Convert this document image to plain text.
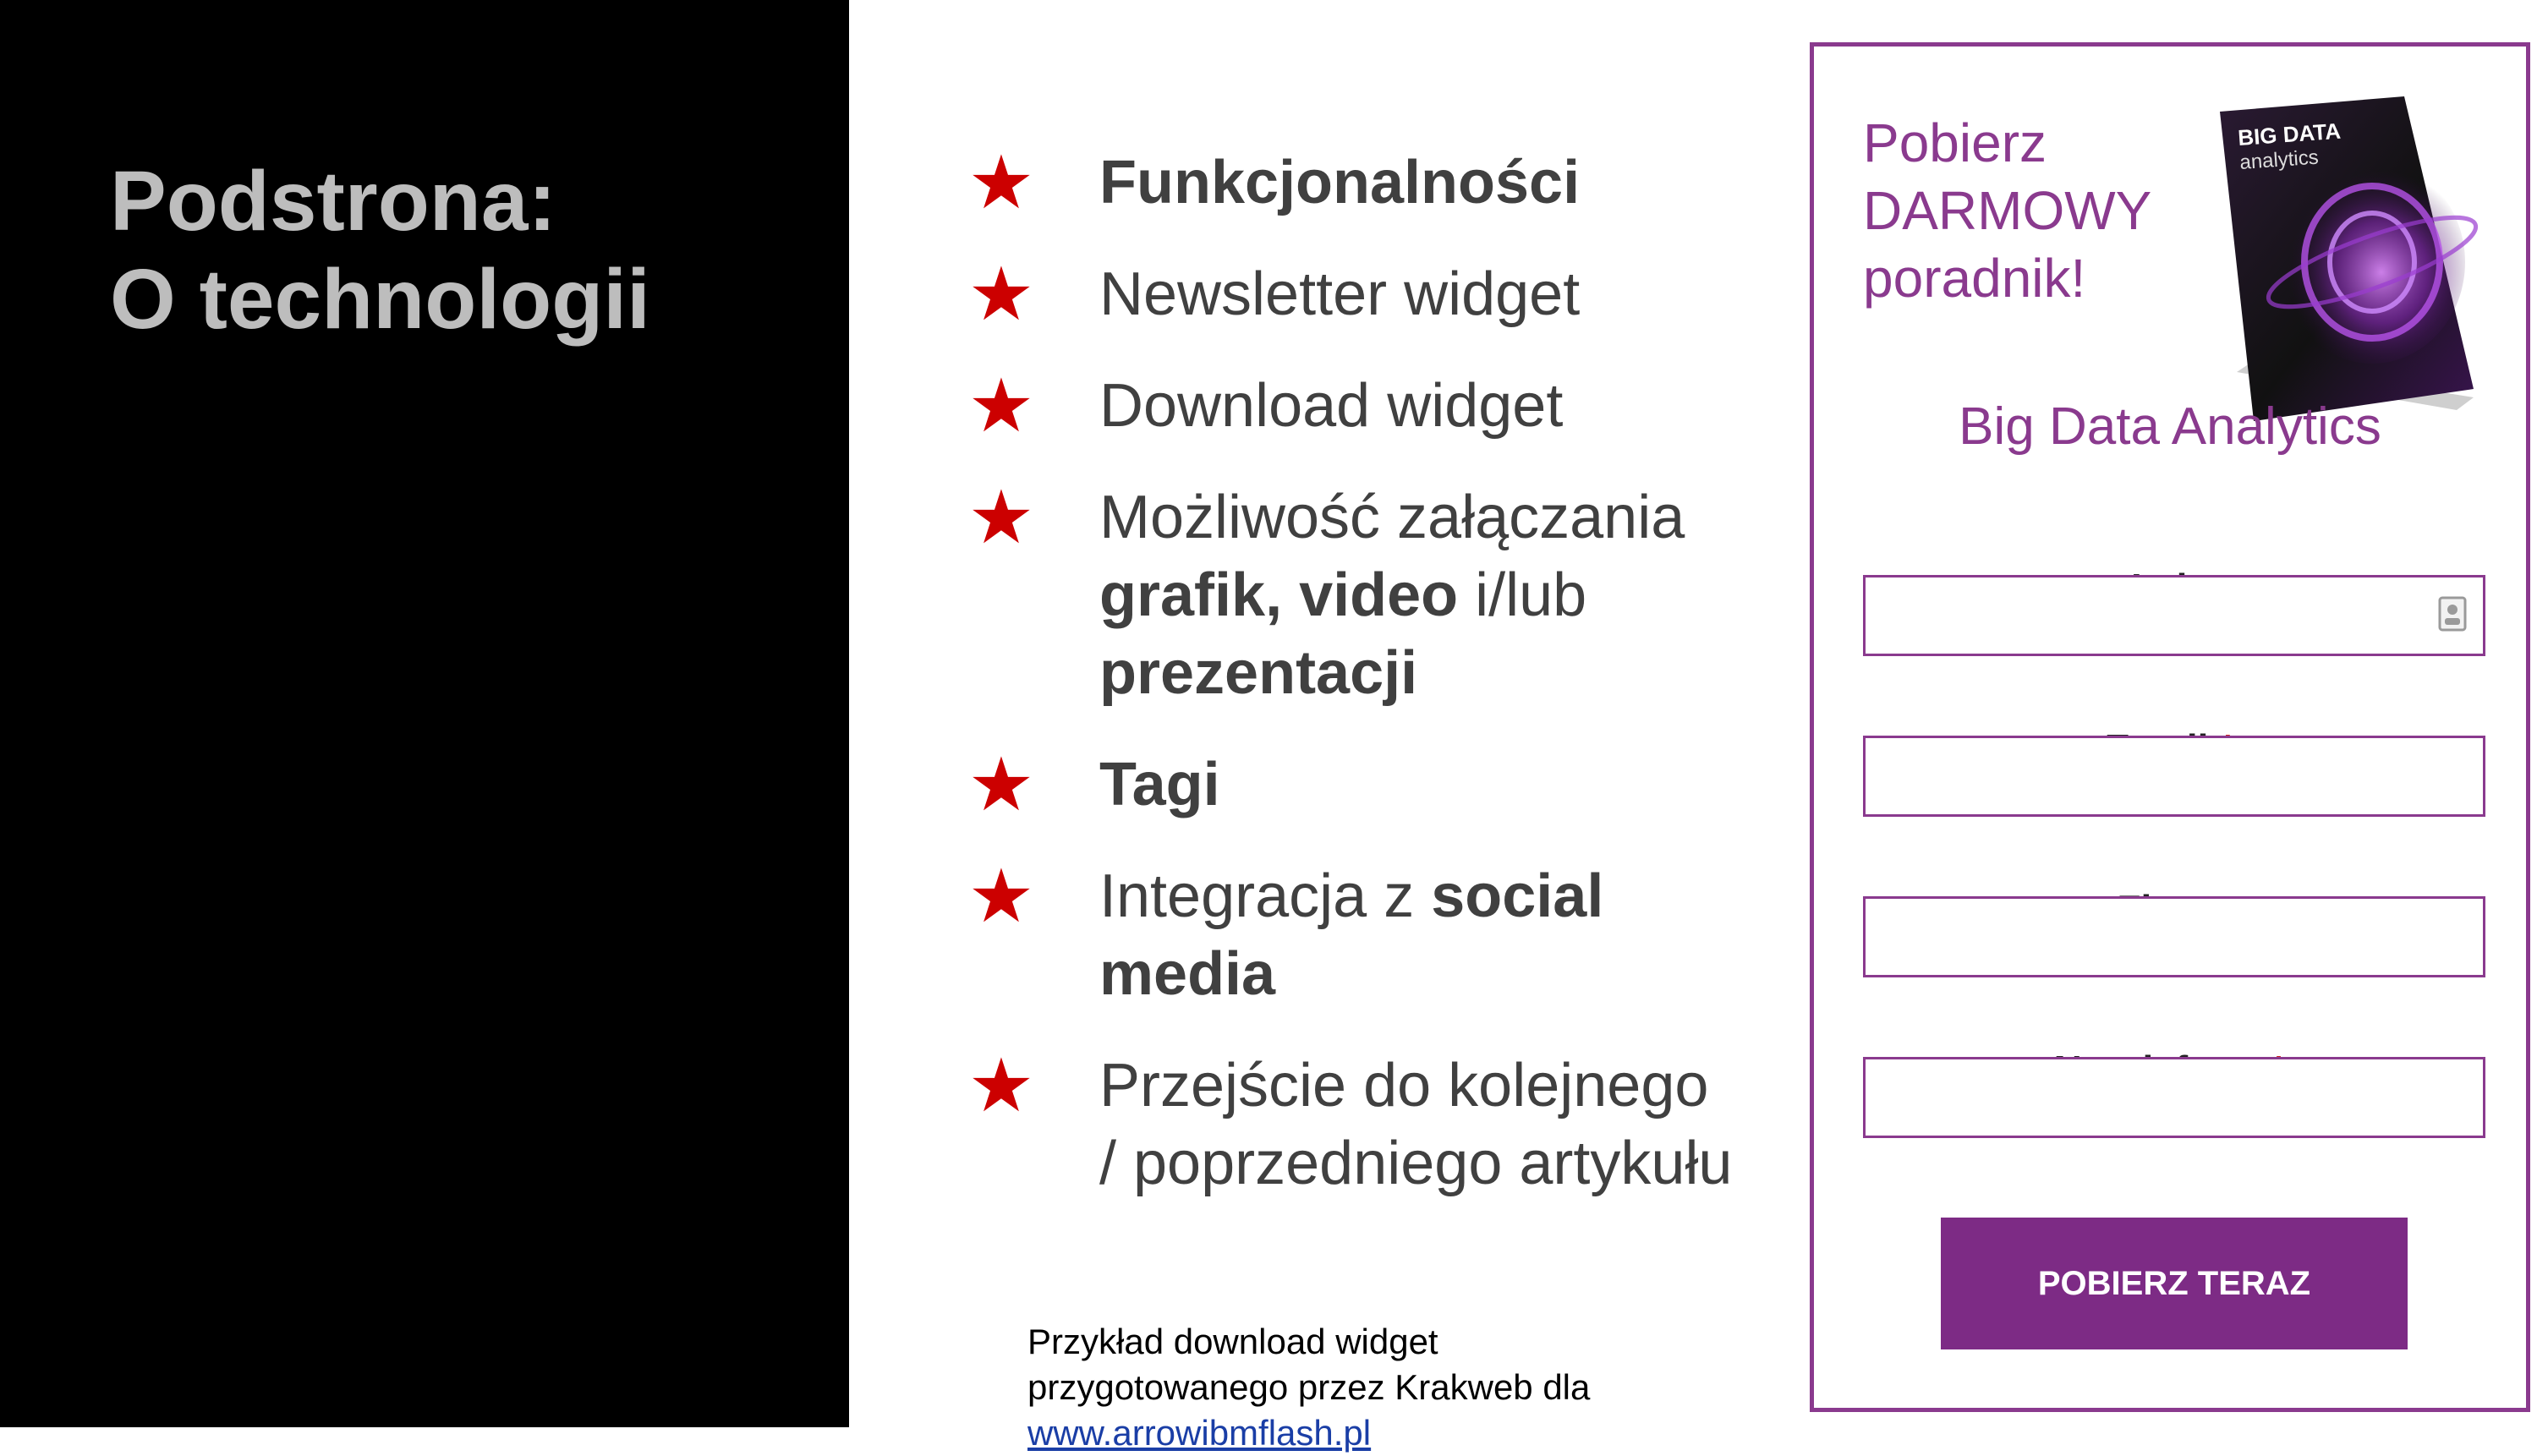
Podstrona:
O technologii
★ Funkcjonalności
★ Newsletter widget
★ Download widget
★ Możliwość załączania grafik, video i/lub prezentacji
★ Tagi
★ Integracja z social media
★ Przejście do kolejnego / poprzedniego artykułu
Przykład download widget
przygotowanego przez Krakweb dla
www.arrowibmflash.pl
Pobierz
DARMOWY
poradnik!
BIG DATA
analytics
Big Data Analytics
POBIERZ TERAZ
